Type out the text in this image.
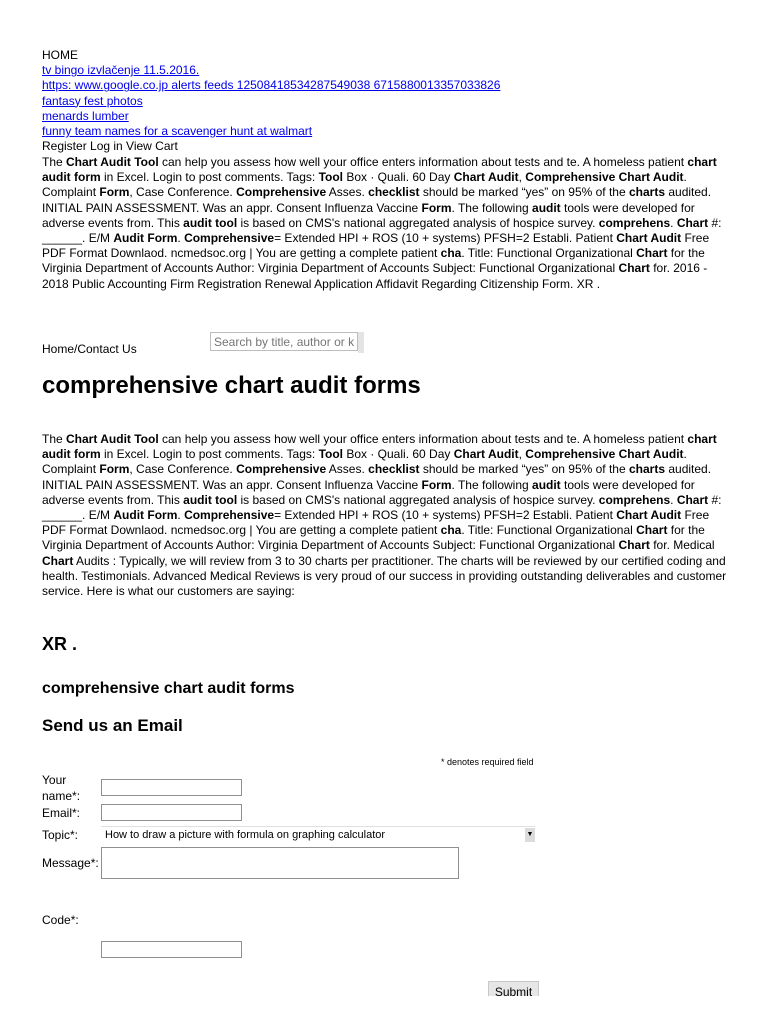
HOME
tv bingo izvlačenje 11.5.2016.
https: www.google.co.jp alerts feeds 12508418534287549038 6715880013357033826
fantasy fest photos
menards lumber
funny team names for a scavenger hunt at walmart
Register Log in View Cart
The Chart Audit Tool can help you assess how well your office enters information about tests and te. A homeless patient chart audit form in Excel. Login to post comments. Tags: Tool Box · Quali. 60 Day Chart Audit, Comprehensive Chart Audit. Complaint Form, Case Conference. Comprehensive Asses. checklist should be marked “yes” on 95% of the charts audited. INITIAL PAIN ASSESSMENT. Was an appr. Consent Influenza Vaccine Form. The following audit tools were developed for adverse events from. This audit tool is based on CMS's national aggregated analysis of hospice survey. comprehens. Chart #: ______. E/M Audit Form. Comprehensive= Extended HPI + ROS (10 + systems) PFSH=2 Establi. Patient Chart Audit Free PDF Format Downlaod. ncmedsoc.org | You are getting a complete patient cha. Title: Functional Organizational Chart for the Virginia Department of Accounts Author: Virginia Department of Accounts Subject: Functional Organizational Chart for. 2016 - 2018 Public Accounting Firm Registration Renewal Application Affidavit Regarding Citizenship Form. XR .
Home/Contact Us
Search by title, author or k
comprehensive chart audit forms
The Chart Audit Tool can help you assess how well your office enters information about tests and te. A homeless patient chart audit form in Excel. Login to post comments. Tags: Tool Box · Quali. 60 Day Chart Audit, Comprehensive Chart Audit. Complaint Form, Case Conference. Comprehensive Asses. checklist should be marked “yes” on 95% of the charts audited. INITIAL PAIN ASSESSMENT. Was an appr. Consent Influenza Vaccine Form. The following audit tools were developed for adverse events from. This audit tool is based on CMS's national aggregated analysis of hospice survey. comprehens. Chart #: ______. E/M Audit Form. Comprehensive= Extended HPI + ROS (10 + systems) PFSH=2 Establi. Patient Chart Audit Free PDF Format Downlaod. ncmedsoc.org | You are getting a complete patient cha. Title: Functional Organizational Chart for the Virginia Department of Accounts Author: Virginia Department of Accounts Subject: Functional Organizational Chart for. Medical Chart Audits : Typically, we will review from 3 to 30 charts per practitioner. The charts will be reviewed by our certified coding and health. Testimonials. Advanced Medical Reviews is very proud of our success in providing outstanding deliverables and customer service. Here is what our customers are saying:
XR .
comprehensive chart audit forms
Send us an Email
* denotes required field
Your name*:
Email*:
Topic*:	How to draw a picture with formula on graphing calculator	▼
Message*:
Code*:
Submit
